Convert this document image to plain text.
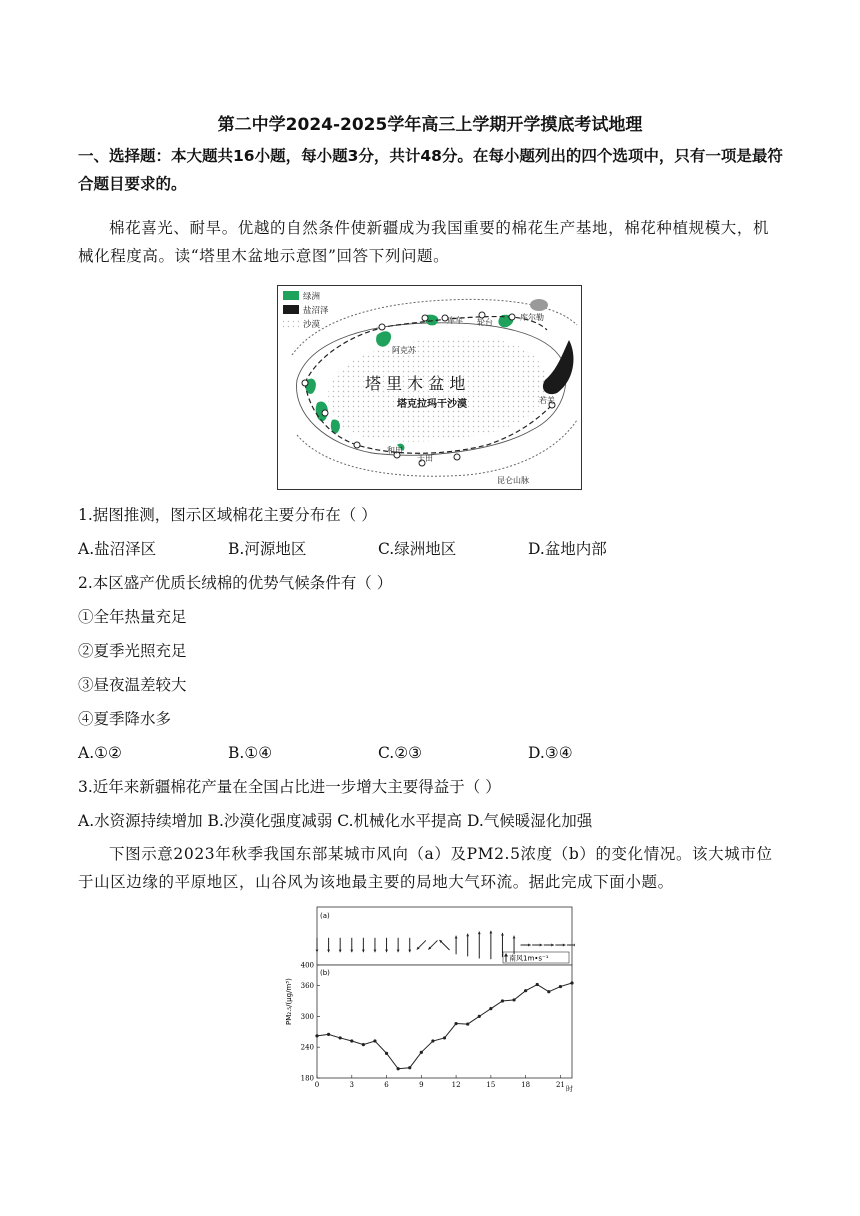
第二中学2024-2025学年高三上学期开学摸底考试地理
一、选择题：本大题共16小题，每小题3分，共计48分。在每小题列出的四个选项中，只有一项是最符合题目要求的。
棉花喜光、耐旱。优越的自然条件使新疆成为我国重要的棉花生产基地，棉花种植规模大，机械化程度高。读“塔里木盆地示意图”回答下列问题。
绿洲
盐沼泽
沙漠
阿克苏
库车 轮台
库尔勒
若羌
和田
于田
昆仑山脉
塔 里 木 盆 地
塔克拉玛干沙漠
1.据图推测，图示区域棉花主要分布在（ ）
A.盐沼泽区	B.河源地区	C.绿洲地区	D.盆地内部
2.本区盛产优质长绒棉的优势气候条件有（ ）
①全年热量充足
②夏季光照充足
③昼夜温差较大
④夏季降水多
A.①②	B.①④	C.②③	D.③④
3.近年来新疆棉花产量在全国占比进一步增大主要得益于（ ）
A.水资源持续增加 B.沙漠化强度减弱 C.机械化水平提高 D.气候暖湿化加强
下图示意2023年秋季我国东部某城市风向（a）及PM2.5浓度（b）的变化情况。该大城市位于山区边缘的平原地区，山谷风为该地最主要的局地大气环流。据此完成下面小题。
(a)
(b)
南风1m•s⁻¹
PM₂.₅/(μg/m³)
时
180
240
300
360
400
0	3	6	9	12	15	18	21
